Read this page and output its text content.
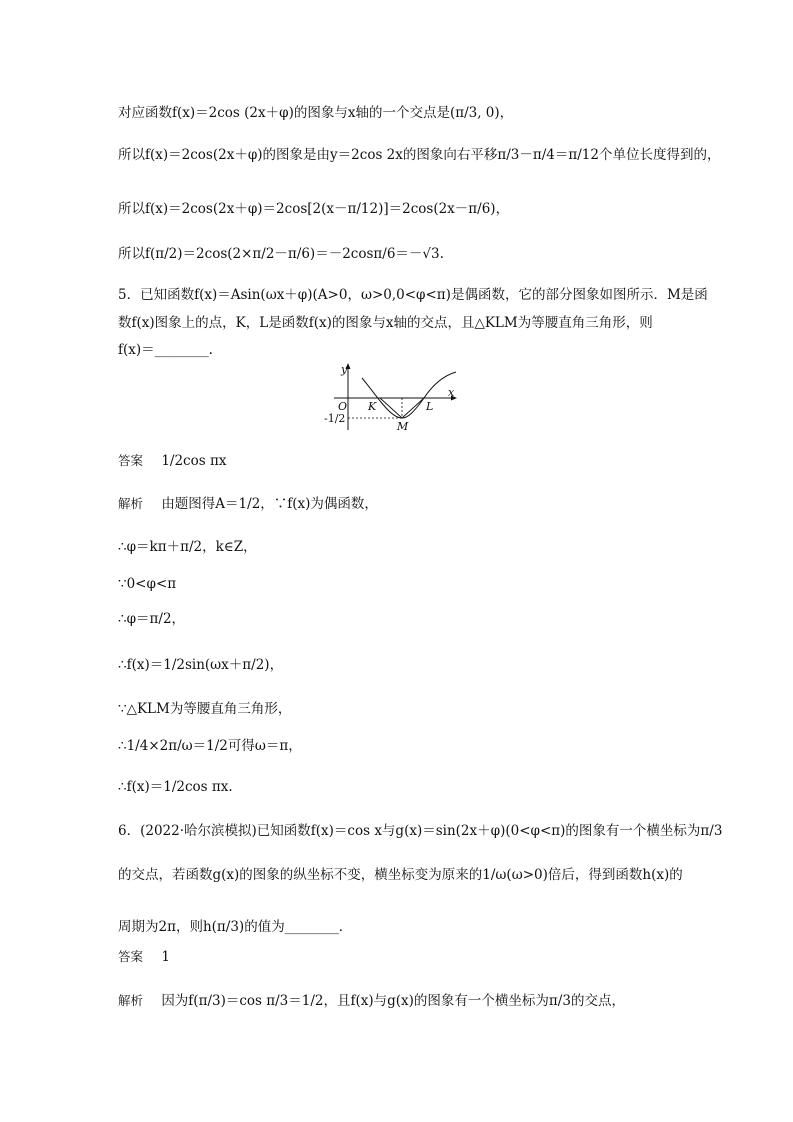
对应函数f(x)＝2cos (2x＋φ)的图象与x轴的一个交点是(π/3, 0)，
所以f(x)＝2cos(2x＋φ)的图象是由y＝2cos 2x的图象向右平移π/3－π/4＝π/12个单位长度得到的，
所以f(x)＝2cos(2x＋φ)＝2cos[2(x－π/12)]＝2cos(2x－π/6)，
所以f(π/2)＝2cos(2×π/2－π/6)＝－2cosπ/6＝－√3.
5．已知函数f(x)＝Asin(ωx＋φ)(A>0，ω>0,0<φ<π)是偶函数，它的部分图象如图所示．M是函
数f(x)图象上的点，K，L是函数f(x)的图象与x轴的交点，且△KLM为等腰直角三角形，则
f(x)＝________.
y
x
O K	L
M
-1/2
答案 1/2cos πx
解析 由题图得A＝1/2，∵f(x)为偶函数，
∴φ＝kπ＋π/2，k∈Z，
∵0<φ<π
∴φ＝π/2，
∴f(x)＝1/2sin(ωx＋π/2)，
∵△KLM为等腰直角三角形，
∴1/4×2π/ω＝1/2可得ω＝π，
∴f(x)＝1/2cos πx.
6．(2022·哈尔滨模拟)已知函数f(x)＝cos x与g(x)＝sin(2x＋φ)(0<φ<π)的图象有一个横坐标为π/3
的交点，若函数g(x)的图象的纵坐标不变，横坐标变为原来的1/ω(ω>0)倍后，得到函数h(x)的
周期为2π，则h(π/3)的值为________．
答案 1
解析 因为f(π/3)＝cos π/3＝1/2，且f(x)与g(x)的图象有一个横坐标为π/3的交点，
